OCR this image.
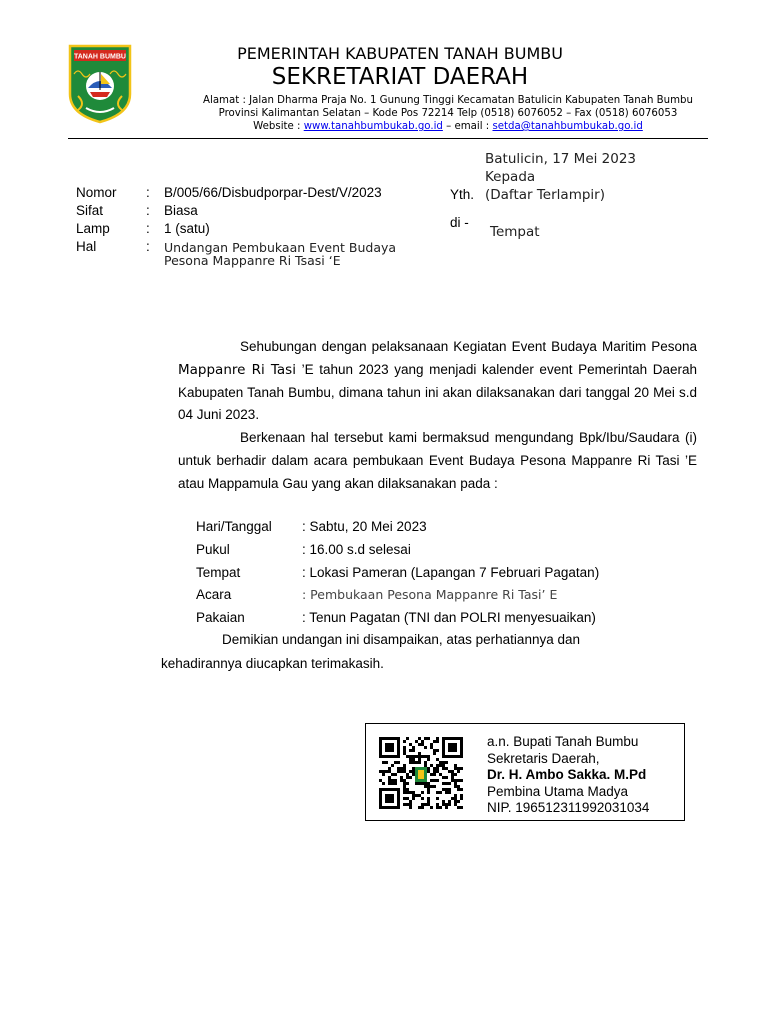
TANAH BUMBU	PEMERINTAH KABUPATEN TANAH BUMBU
SEKRETARIAT DAERAH
Alamat : Jalan Dharma Praja No. 1 Gunung Tinggi Kecamatan Batulicin Kabupaten Tanah Bumbu
Provinsi Kalimantan Selatan – Kode Pos 72214 Telp (0518) 6076052 – Fax (0518) 6076053
Website : www.tanahbumbukab.go.id – email : setda@tanahbumbukab.go.id
Batulicin, 17 Mei 2023
Kepada
Yth. (Daftar Terlampir)
di -
Tempat
Nomor	:	B/005/66/Disbudporpar-Dest/V/2023
Sifat	:	Biasa
Lamp	:	1 (satu)
Hal	:	Undangan Pembukaan Event Budaya
Pesona Mappanre Ri Tsasi ‘E
Sehubungan dengan pelaksanaan Kegiatan Event Budaya Maritim Pesona Mappanre Ri Tasi ’E tahun 2023 yang menjadi kalender event Pemerintah Daerah Kabupaten Tanah Bumbu, dimana tahun ini akan dilaksanakan dari tanggal 20 Mei s.d 04 Juni 2023.
Berkenaan hal tersebut kami bermaksud mengundang Bpk/Ibu/Saudara (i) untuk berhadir dalam acara pembukaan Event Budaya Pesona Mappanre Ri Tasi ’E atau Mappamula Gau yang akan dilaksanakan pada :
Hari/Tanggal	: Sabtu, 20 Mei 2023
Pukul	: 16.00 s.d selesai
Tempat	: Lokasi Pameran (Lapangan 7 Februari Pagatan)
Acara	: Pembukaan Pesona Mappanre Ri Tasi’ E
Pakaian	: Tenun Pagatan (TNI dan POLRI menyesuaikan)
Demikian undangan ini disampaikan, atas perhatiannya dan
kehadirannya diucapkan terimakasih.
a.n. Bupati Tanah Bumbu
Sekretaris Daerah,
Dr. H. Ambo Sakka. M.Pd
Pembina Utama Madya
NIP. 196512311992031034
